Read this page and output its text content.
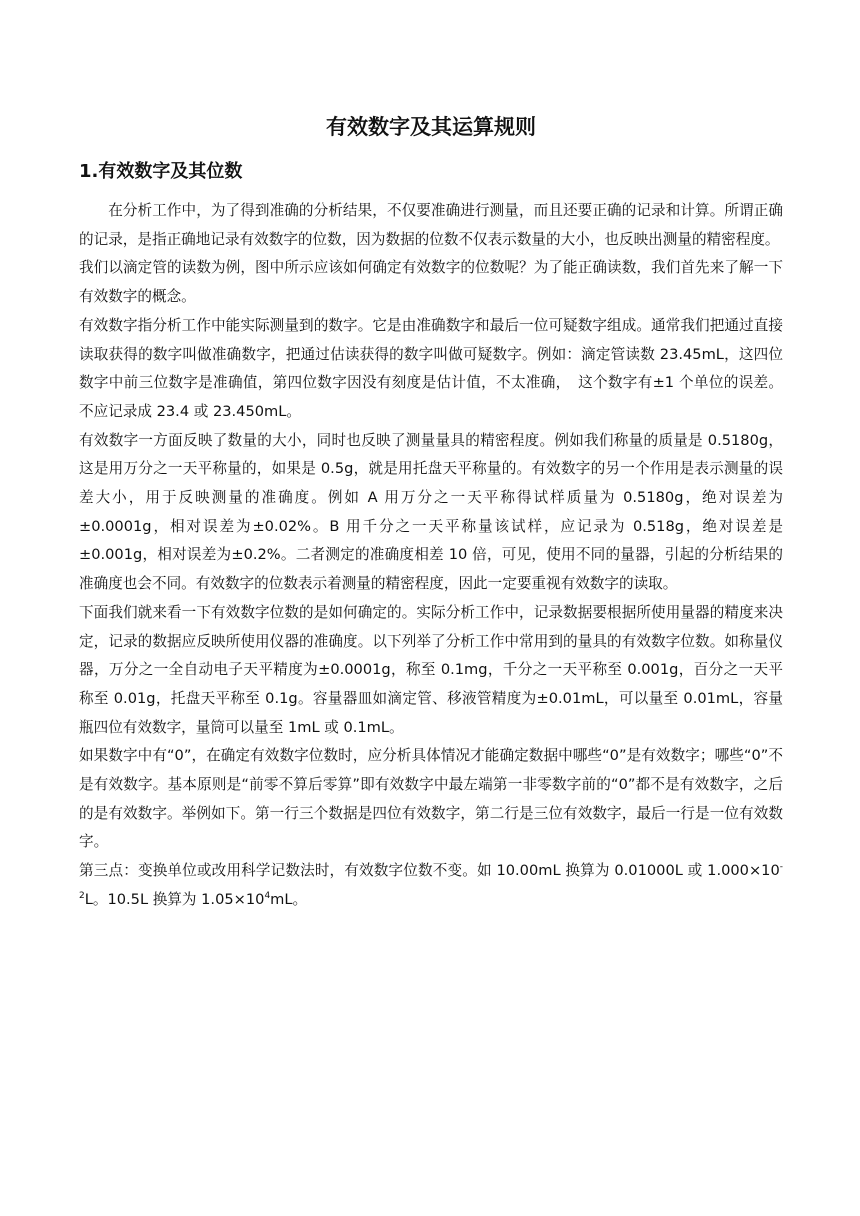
有效数字及其运算规则
1.有效数字及其位数

在分析工作中，为了得到准确的分析结果，不仅要准确进行测量，而且还要正确的记录和计算。所谓正确的记录，是指正确地记录有效数字的位数，因为数据的位数不仅表示数量的大小，也反映出测量的精密程度。

我们以滴定管的读数为例，图中所示应该如何确定有效数字的位数呢？为了能正确读数，我们首先来了解一下有效数字的概念。

有效数字指分析工作中能实际测量到的数字。它是由准确数字和最后一位可疑数字组成。通常我们把通过直接读取获得的数字叫做准确数字，把通过估读获得的数字叫做可疑数字。例如：滴定管读数 23.45mL，这四位数字中前三位数字是准确值，第四位数字因没有刻度是估计值，不太准确，　这个数字有±1 个单位的误差。不应记录成 23.4 或 23.450mL。

有效数字一方面反映了数量的大小，同时也反映了测量量具的精密程度。例如我们称量的质量是 0.5180g，这是用万分之一天平称量的，如果是 0.5g，就是用托盘天平称量的。有效数字的另一个作用是表示测量的误差大小，用于反映测量的准确度。例如 A 用万分之一天平称得试样质量为 0.5180g，绝对误差为±0.0001g，相对误差为±0.02%。B 用千分之一天平称量该试样，应记录为 0.518g，绝对误差是±0.001g，相对误差为±0.2%。二者测定的准确度相差 10 倍，可见，使用不同的量器，引起的分析结果的准确度也会不同。有效数字的位数表示着测量的精密程度，因此一定要重视有效数字的读取。

下面我们就来看一下有效数字位数的是如何确定的。实际分析工作中，记录数据要根据所使用量器的精度来决定，记录的数据应反映所使用仪器的准确度。以下列举了分析工作中常用到的量具的有效数字位数。如称量仪器，万分之一全自动电子天平精度为±0.0001g，称至 0.1mg，千分之一天平称至 0.001g，百分之一天平称至 0.01g，托盘天平称至 0.1g。容量器皿如滴定管、移液管精度为±0.01mL，可以量至 0.01mL，容量瓶四位有效数字，量筒可以量至 1mL 或 0.1mL。

如果数字中有“0”，在确定有效数字位数时，应分析具体情况才能确定数据中哪些“0”是有效数字；哪些“0”不是有效数字。基本原则是“前零不算后零算”即有效数字中最左端第一非零数字前的“0”都不是有效数字，之后的是有效数字。举例如下。第一行三个数据是四位有效数字，第二行是三位有效数字，最后一行是一位有效数字。

第三点：变换单位或改用科学记数法时，有效数字位数不变。如 10.00mL 换算为 0.01000L 或 $1.000\times 10^{-2}L$。10.5L 换算为 $1.05\times 10^4mL$。
